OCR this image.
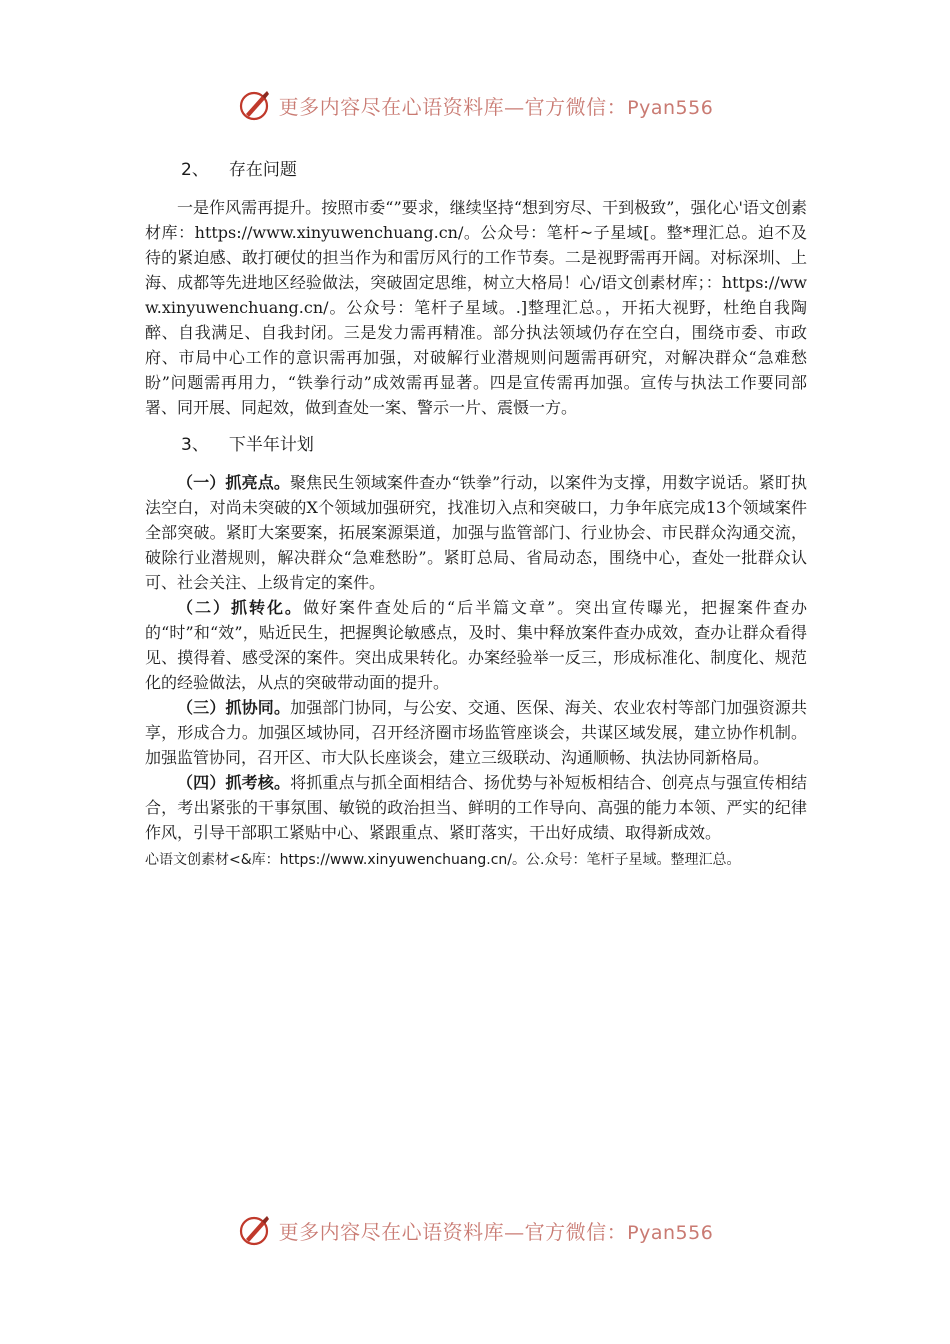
更多内容尽在心语资料库—官方微信：Pyan556
2、 存在问题

一是作风需再提升。按照市委“”要求，继续坚持“想到穷尽、干到极致”，强化心'语文创素材库：https://www.xinyuwenchuang.cn/。公众号：笔杆~子星域[。整*理汇总。迫不及待的紧迫感、敢打硬仗的担当作为和雷厉风行的工作节奏。二是视野需再开阔。对标深圳、上海、成都等先进地区经验做法，突破固定思维，树立大格局！心/语文创素材库；：https://www.xinyuwenchuang.cn/。公众号：笔杆子星域。.]整理汇总。，开拓大视野，杜绝自我陶醉、自我满足、自我封闭。三是发力需再精准。部分执法领域仍存在空白，围绕市委、市政府、市局中心工作的意识需再加强，对破解行业潜规则问题需再研究，对解决群众“急难愁盼”问题需再用力，“铁拳行动”成效需再显著。四是宣传需再加强。宣传与执法工作要同部署、同开展、同起效，做到查处一案、警示一片、震慑一方。

3、 下半年计划

（一）抓亮点。聚焦民生领域案件查办“铁拳”行动，以案件为支撑，用数字说话。紧盯执法空白，对尚未突破的X个领域加强研究，找准切入点和突破口，力争年底完成13个领域案件全部突破。紧盯大案要案，拓展案源渠道，加强与监管部门、行业协会、市民群众沟通交流，破除行业潜规则，解决群众“急难愁盼”。紧盯总局、省局动态，围绕中心，查处一批群众认可、社会关注、上级肯定的案件。

（二）抓转化。做好案件查处后的“后半篇文章”。突出宣传曝光，把握案件查办的“时”和“效”，贴近民生，把握舆论敏感点，及时、集中释放案件查办成效，查办让群众看得见、摸得着、感受深的案件。突出成果转化。办案经验举一反三，形成标准化、制度化、规范化的经验做法，从点的突破带动面的提升。

（三）抓协同。加强部门协同，与公安、交通、医保、海关、农业农村等部门加强资源共享，形成合力。加强区域协同，召开经济圈市场监管座谈会，共谋区域发展，建立协作机制。加强监管协同，召开区、市大队长座谈会，建立三级联动、沟通顺畅、执法协同新格局。

（四）抓考核。将抓重点与抓全面相结合、扬优势与补短板相结合、创亮点与强宣传相结合，考出紧张的干事氛围、敏锐的政治担当、鲜明的工作导向、高强的能力本领、严实的纪律作风，引导干部职工紧贴中心、紧跟重点、紧盯落实，干出好成绩、取得新成效。

心语文创素材<&库：https://www.xinyuwenchuang.cn/。公.众号：笔杆子星域。整理汇总。
更多内容尽在心语资料库—官方微信：Pyan556
